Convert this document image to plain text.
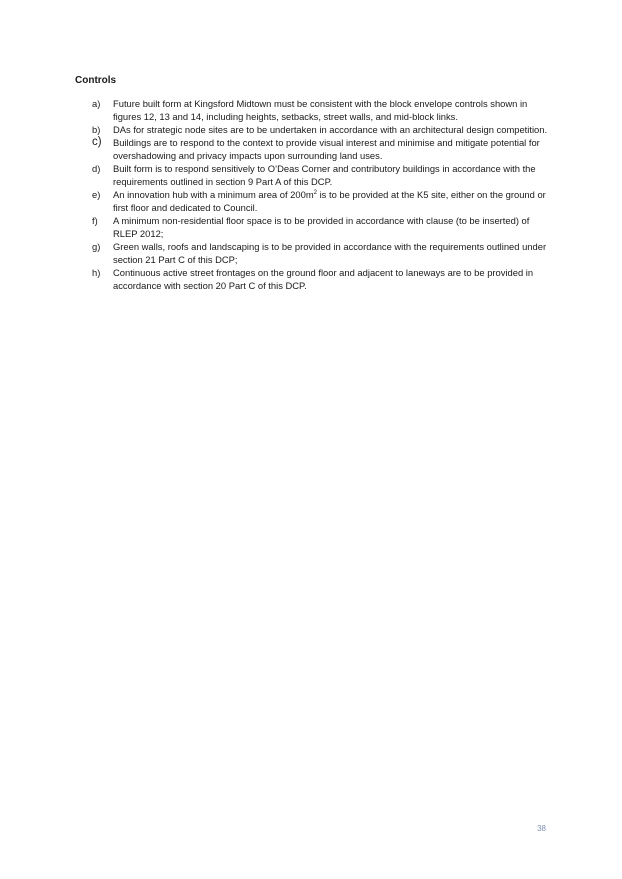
Controls
a)	Future built form at Kingsford Midtown must be consistent with the block envelope controls shown in figures 12, 13 and 14, including heights, setbacks, street walls, and mid-block links.
b)	DAs for strategic node sites are to be undertaken in accordance with an architectural design competition.
c)	Buildings are to respond to the context to provide visual interest and minimise and mitigate potential for overshadowing and privacy impacts upon surrounding land uses.
d)	Built form is to respond sensitively to O’Deas Corner and contributory buildings in accordance with the requirements outlined in section 9 Part A of this DCP.
e)	An innovation hub with a minimum area of $200m^2$ is to be provided at the K5 site, either on the ground or first floor and dedicated to Council.
f)	A minimum non-residential floor space is to be provided in accordance with clause (to be inserted) of RLEP 2012;
g)	Green walls, roofs and landscaping is to be provided in accordance with the requirements outlined under section 21 Part C of this DCP;
h)	Continuous active street frontages on the ground floor and adjacent to laneways are to be provided in accordance with section 20 Part C of this DCP.
38
